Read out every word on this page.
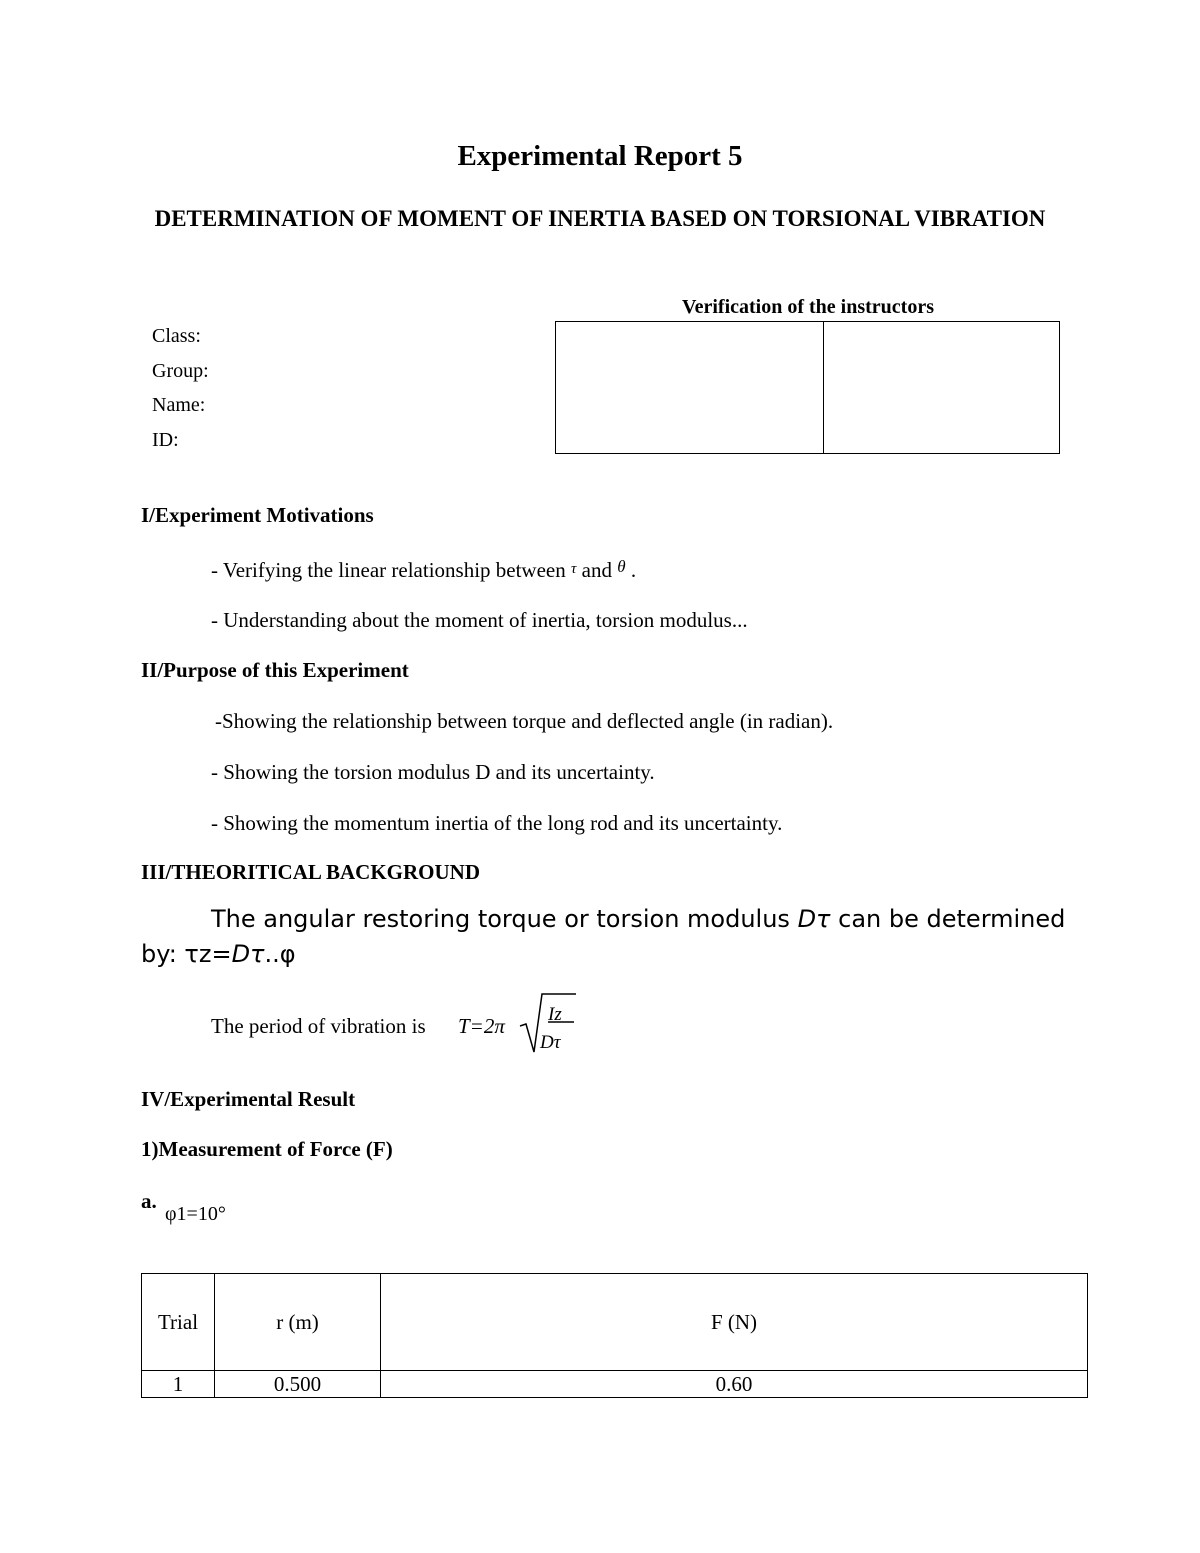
Experimental Report 5
DETERMINATION OF MOMENT OF INERTIA BASED ON TORSIONAL VIBRATION
Class:
Group:
Name:
ID:
Verification of the instructors
I/Experiment Motivations
- Verifying the linear relationship between τ and $^\theta$ .
- Understanding about the moment of inertia, torsion modulus...
II/Purpose of this Experiment
-Showing the relationship between torque and deflected angle (in radian).
- Showing the torsion modulus D and its uncertainty.
- Showing the momentum inertia of the long rod and its uncertainty.
III/THEORITICAL BACKGROUND
The angular restoring torque or torsion modulus Dτ can be determined
by: τz=Dτ..φ
The period of vibration is T=2π Iz
Dτ
IV/Experimental Result
1)Measurement of Force (F)
a.
φ1=10°
Trial	r (m)	F (N)
1	0.500	0.60
